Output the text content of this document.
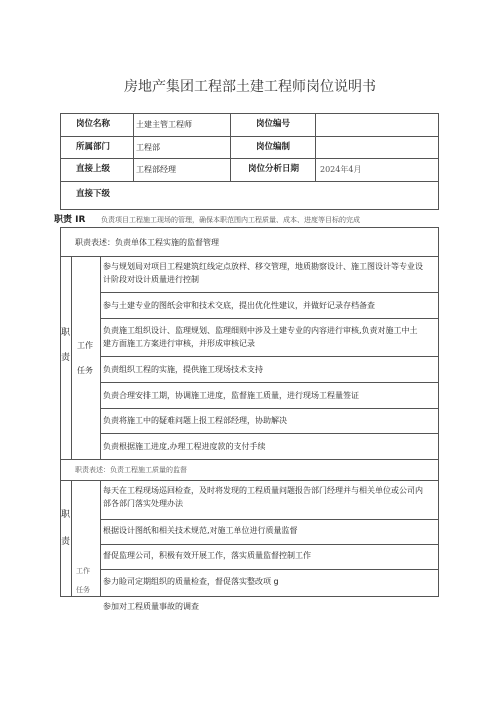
房地产集团工程部土建工程师岗位说明书
岗位名称	土建主管工程师	岗位编号
所属部门	工程部	岗位编制
直接上级	工程部经理	岗位分析日期	2024年4月
直接下级
职责 IR 负责项目工程施工现场的管理，确保本职范围内工程质量、成本、进度等目标的完成
职责表述：负责单体工程实施的监督管理
职
责
工作
任务
参与规划局对项目工程建筑红线定点放样、移交管理，地质勘察设计、施工图设计等专业设计阶段对设计质量进行控制
参与土建专业的图纸会审和技术交底，提出优化性建议，并做好记录存档备查
负责施工组织设计、监理规划、监理细则中涉及土建专业的内容进行审核,负责对施工中土建方面施工方案进行审核，并形成审核记录
负责组织工程的实施，提供施工现场技术支持
负责合理安排工期，协调施工进度，监督施工质量，进行现场工程量签证
负责将施工中的疑难问题上报工程部经理，协助解决
负责根据施工进度,办理工程进度款的支付手续
职责表述：负责工程施工质量的监督
职
责
工作
任务
每天在工程现场巡回检查，及时将发现的工程质量问题报告部门经理并与相关单位或公司内部各部门落实处理办法
根据设计图纸和相关技术规范,对施工单位进行质量监督
督促监理公司，积极有效开展工作，落实质量监督控制工作
参力睑司定期组织的质量检查，督促落实整改项 g
参加对工程质量事故的调查
